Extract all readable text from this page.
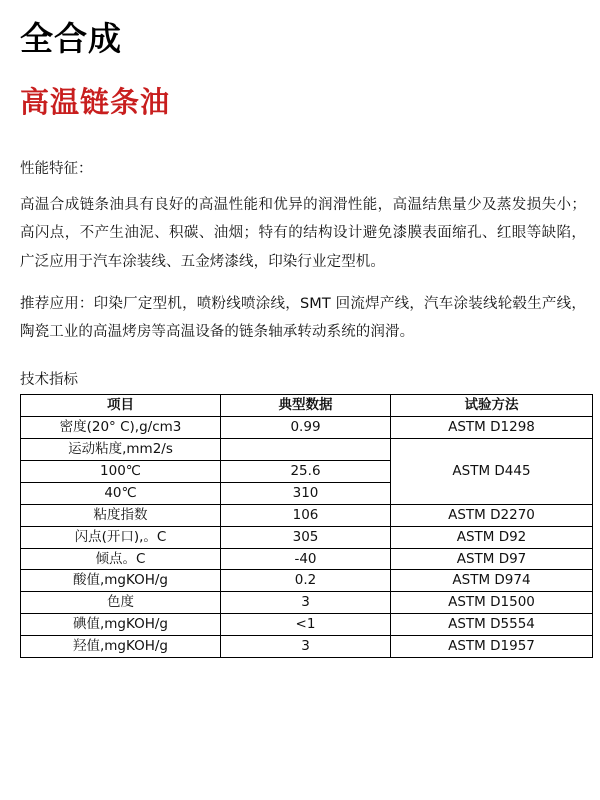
全合成
高温链条油
性能特征：
高温合成链条油具有良好的高温性能和优异的润滑性能，高温结焦量少及蒸发损失小；高闪点，不产生油泥、积碳、油烟；特有的结构设计避免漆膜表面缩孔、红眼等缺陷，广泛应用于汽车涂装线、五金烤漆线，印染行业定型机。
推荐应用：印染厂定型机，喷粉线喷涂线，SMT 回流焊产线，汽车涂装线轮毂生产线，陶瓷工业的高温烤房等高温设备的链条轴承转动系统的润滑。
技术指标
项目	典型数据	试验方法
密度(20° C),g/cm3	0.99	ASTM D1298
运动粘度,mm2/s		ASTM D445
100℃	25.6	
40℃	310	
粘度指数	106	ASTM D2270
闪点(开口),。C	305	ASTM D92
倾点。C	-40	ASTM D97
酸值,mgKOH/g	0.2	ASTM D974
色度	3	ASTM D1500
碘值,mgKOH/g	<1	ASTM D5554
羟值,mgKOH/g	3	ASTM D1957
